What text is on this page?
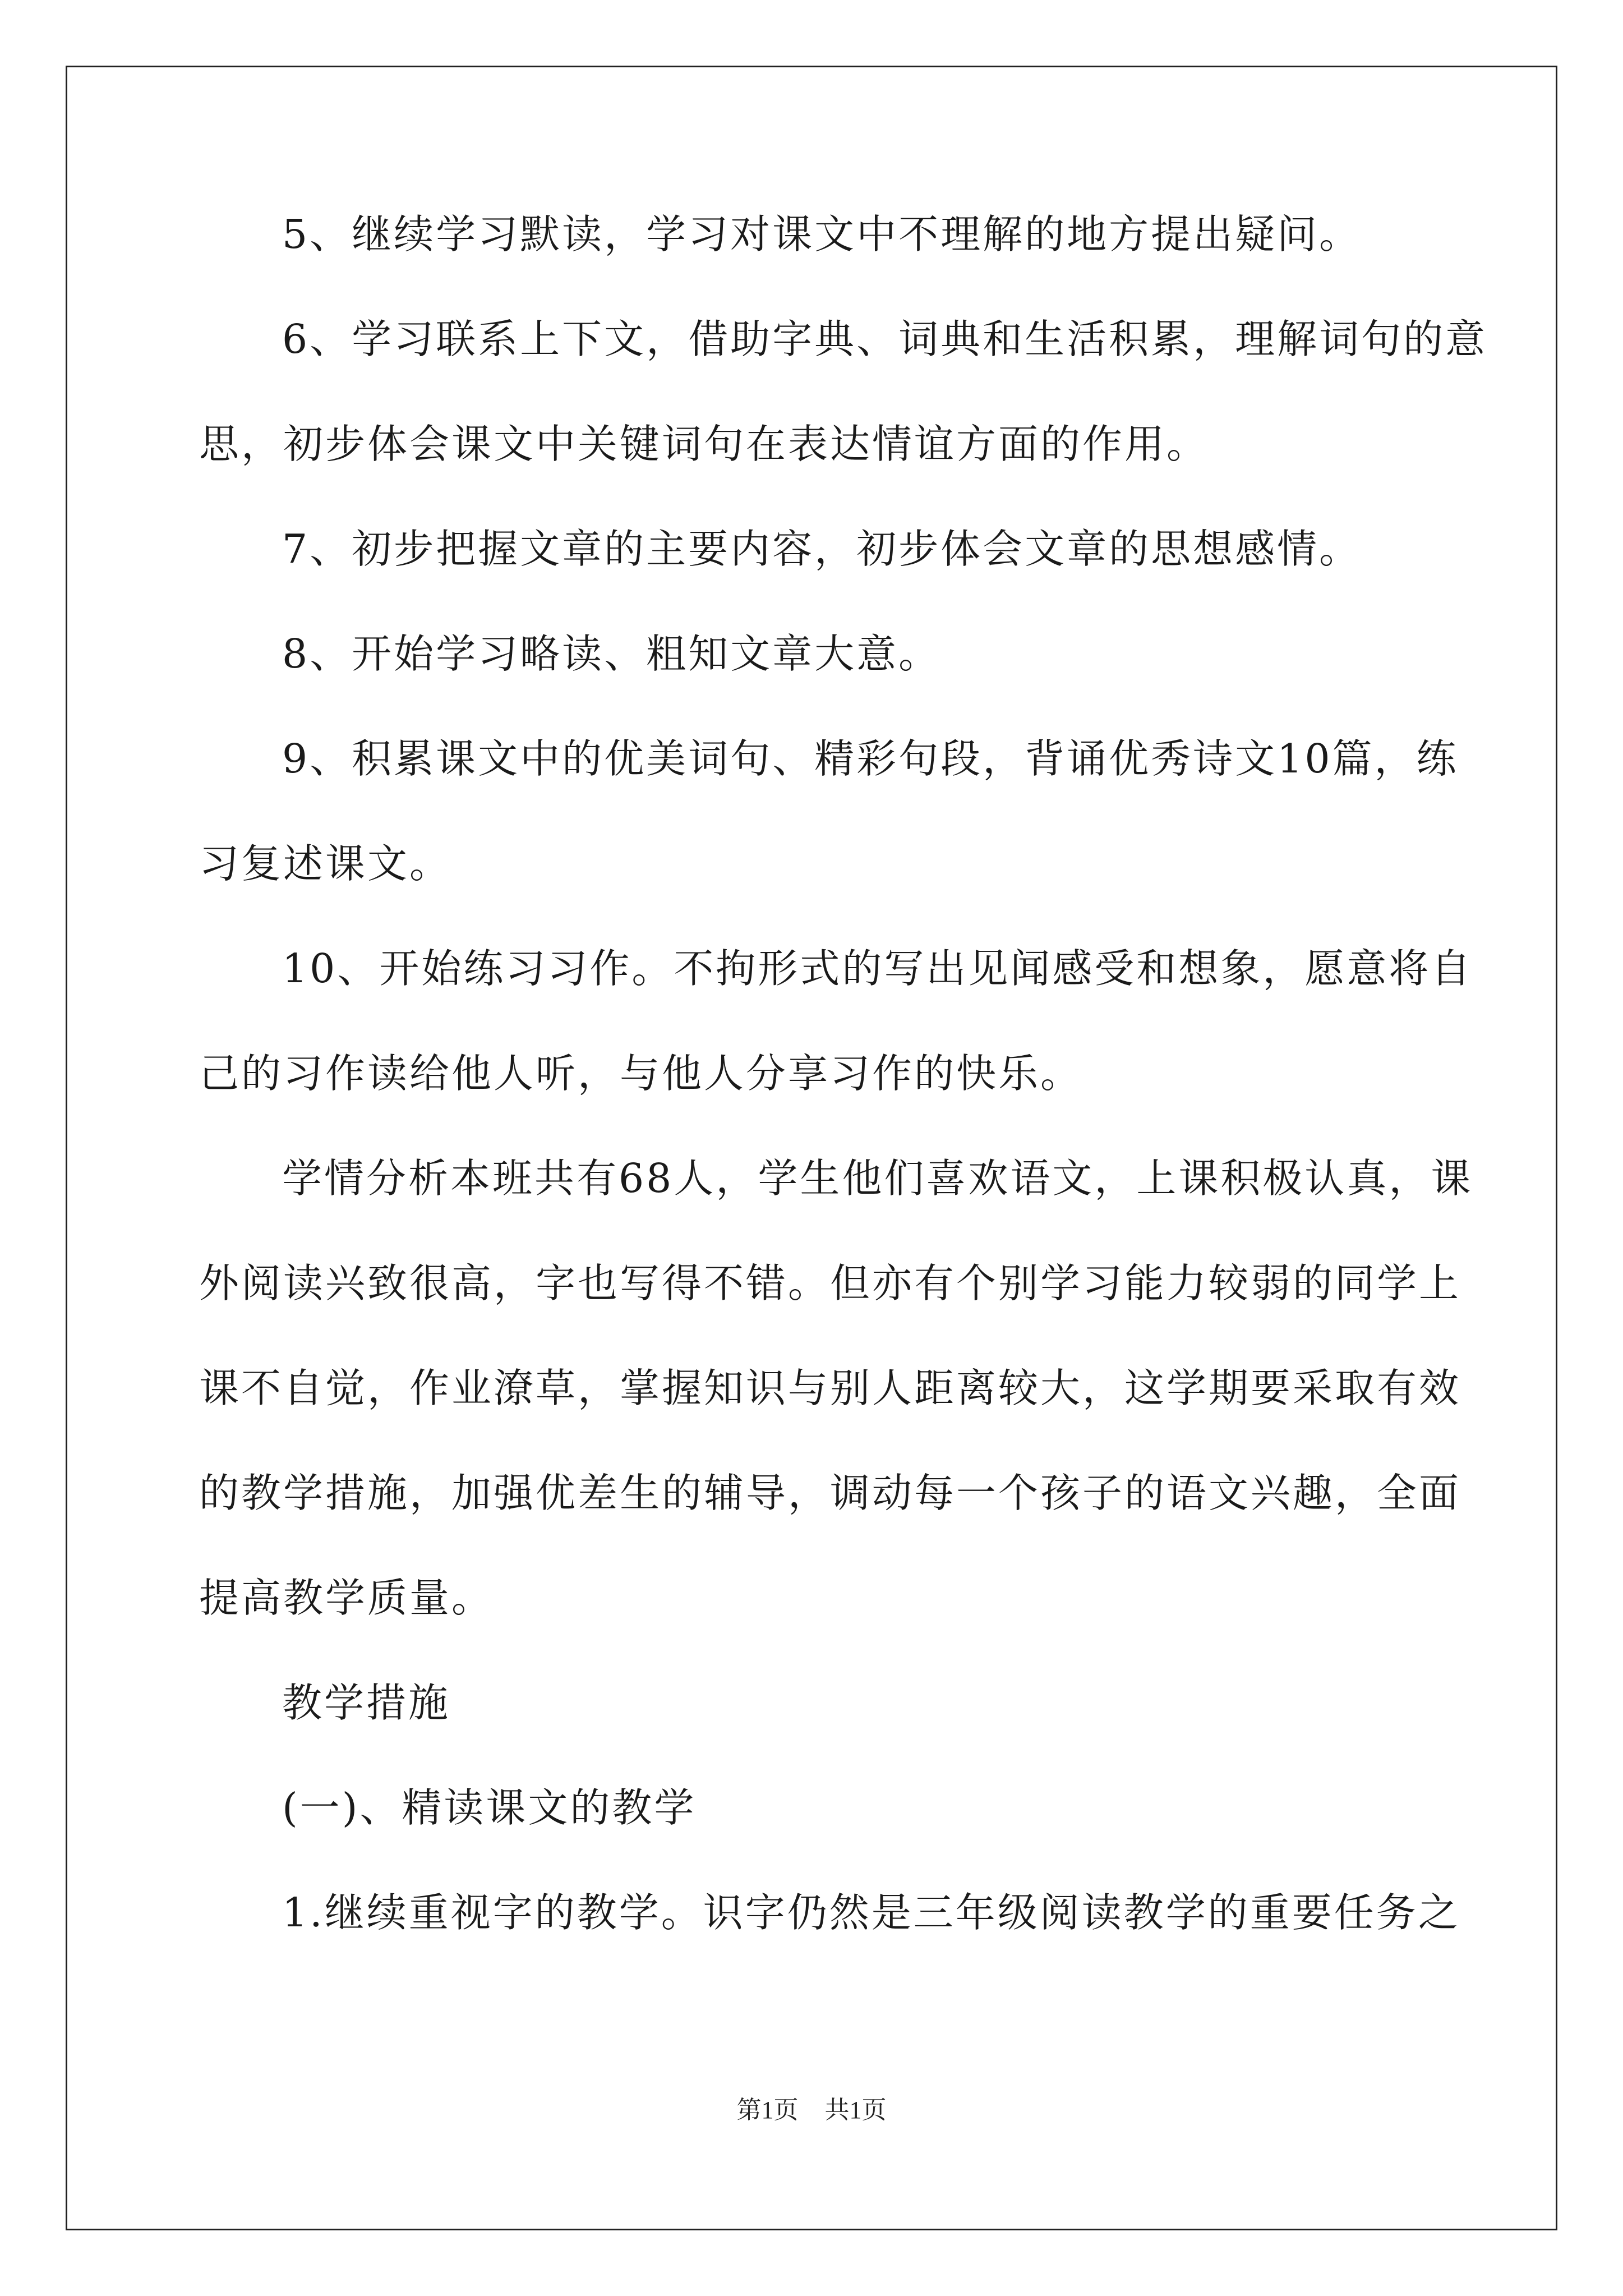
5、继续学习默读，学习对课文中不理解的地方提出疑问。

6、学习联系上下文，借助字典、词典和生活积累，理解词句的意

思，初步体会课文中关键词句在表达情谊方面的作用。

7、初步把握文章的主要内容，初步体会文章的思想感情。

8、开始学习略读、粗知文章大意。

9、积累课文中的优美词句、精彩句段，背诵优秀诗文10篇，练

习复述课文。

10、开始练习习作。不拘形式的写出见闻感受和想象，愿意将自

己的习作读给他人听，与他人分享习作的快乐。

学情分析本班共有68人，学生他们喜欢语文，上课积极认真，课

外阅读兴致很高，字也写得不错。但亦有个别学习能力较弱的同学上

课不自觉，作业潦草，掌握知识与别人距离较大，这学期要采取有效

的教学措施，加强优差生的辅导，调动每一个孩子的语文兴趣，全面

提高教学质量。

教学措施

(一)、精读课文的教学

1.继续重视字的教学。识字仍然是三年级阅读教学的重要任务之

第1页 共1页
